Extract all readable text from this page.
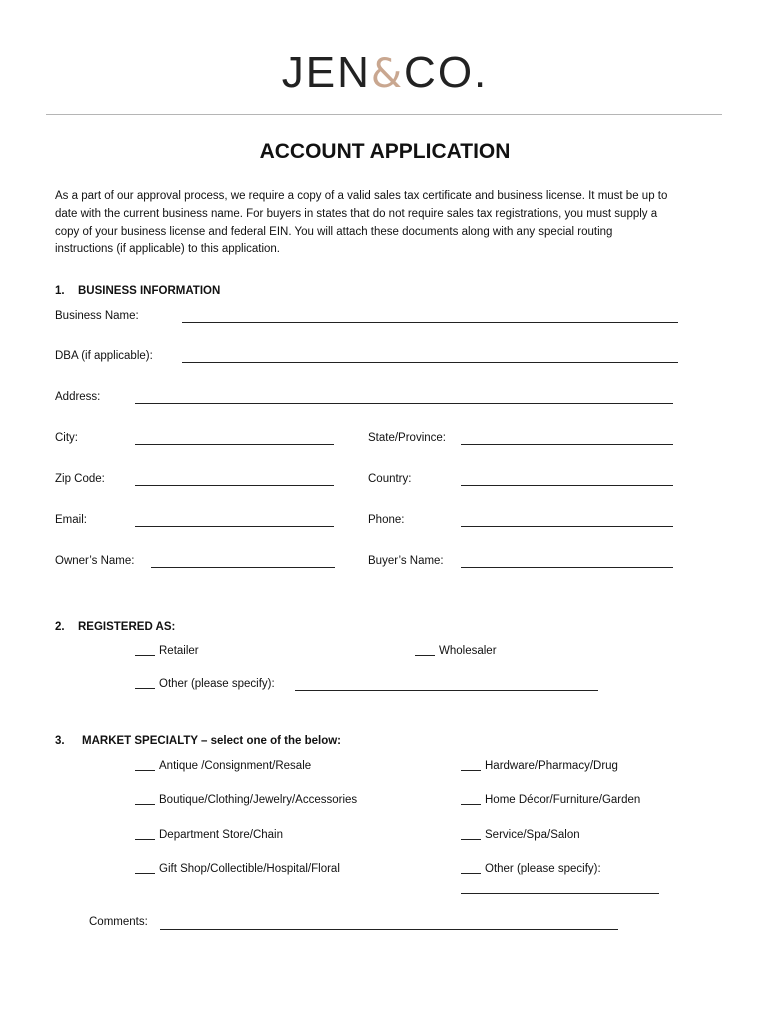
JEN&CO.
ACCOUNT APPLICATION
As a part of our approval process, we require a copy of a valid sales tax certificate and business license. It must be up to
date with the current business name. For buyers in states that do not require sales tax registrations, you must supply a
copy of your business license and federal EIN. You will attach these documents along with any special routing
instructions (if applicable) to this application.
1. BUSINESS INFORMATION
Business Name:
DBA (if applicable):
Address:
City:	State/Province:
Zip Code:	Country:
Email:	Phone:
Owner’s Name:	Buyer’s Name:
2. REGISTERED AS:
Retailer	Wholesaler
Other (please specify):
3. MARKET SPECIALTY – select one of the below:
Antique /Consignment/Resale	Hardware/Pharmacy/Drug
Boutique/Clothing/Jewelry/Accessories	Home Décor/Furniture/Garden
Department Store/Chain	Service/Spa/Salon
Gift Shop/Collectible/Hospital/Floral	Other (please specify):
Comments:
